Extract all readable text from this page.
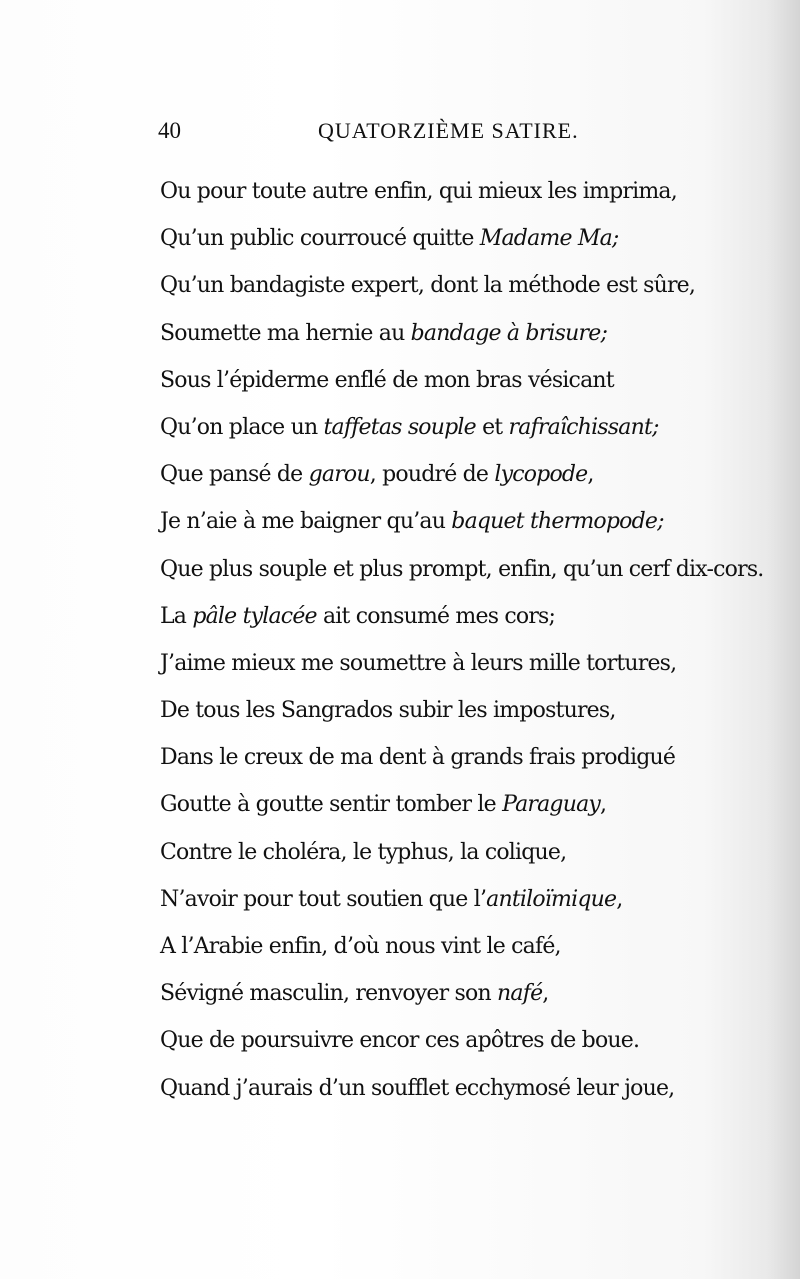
40	QUATORZIÈME SATIRE.
Ou pour toute autre enfin, qui mieux les imprima,
Qu’un public courroucé quitte Madame Ma;
Qu’un bandagiste expert, dont la méthode est sûre,
Soumette ma hernie au bandage à brisure;
Sous l’épiderme enflé de mon bras vésicant
Qu’on place un taffetas souple et rafraîchissant;
Que pansé de garou, poudré de lycopode,
Je n’aie à me baigner qu’au baquet thermopode;
Que plus souple et plus prompt, enfin, qu’un cerf dix-cors.
La pâle tylacée ait consumé mes cors;
J’aime mieux me soumettre à leurs mille tortures,
De tous les Sangrados subir les impostures,
Dans le creux de ma dent à grands frais prodigué
Goutte à goutte sentir tomber le Paraguay,
Contre le choléra, le typhus, la colique,
N’avoir pour tout soutien que l’antiloïmique,
A l’Arabie enfin, d’où nous vint le café,
Sévigné masculin, renvoyer son nafé,
Que de poursuivre encor ces apôtres de boue.
Quand j’aurais d’un soufflet ecchymosé leur joue,
